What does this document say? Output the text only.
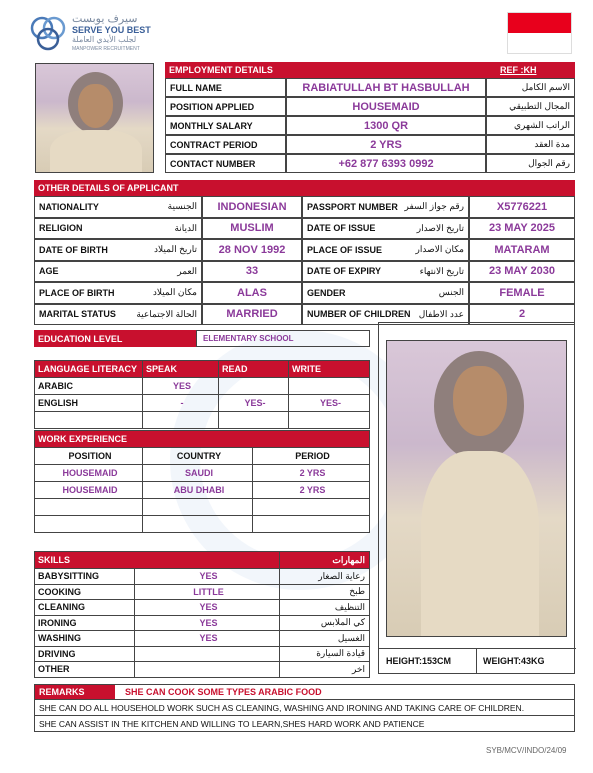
سيرف يوبست
SERVE YOU BEST
لجلب الأيدي العاملة
MANPOWER RECRUITMENT
EMPLOYMENT DETAILS	REF :KH
FULL NAME	RABIATULLAH BT HASBULLAH	الاسم الكامل
POSITION APPLIED	HOUSEMAID	المجال التطبيقي
MONTHLY SALARY	1300 QR	الراتب الشهري
CONTRACT PERIOD	2 YRS	مدة العقد
CONTACT NUMBER	+62 877 6393 0992	رقم الجوال
OTHER DETAILS OF APPLICANT
NATIONALITY	الجنسية	INDONESIAN	PASSPORT NUMBER رقم جواز السفر	X5776221
RELIGION	الديانة	MUSLIM	DATE OF ISSUE	تاريخ الاصدار	23 MAY 2025
DATE OF BIRTH	تاريخ الميلاد	28 NOV 1992	PLACE OF ISSUE	مكان الاصدار	MATARAM
AGE	العمر	33	DATE OF EXPIRY	تاريخ الانتهاء	23 MAY 2030
PLACE OF BIRTH	مكان الميلاد	ALAS	GENDER	الجنس	FEMALE
MARITAL STATUS الحالة الاجتماعية	MARRIED	NUMBER OF CHILDREN عدد الاطفال	2
EDUCATION LEVEL	ELEMENTARY SCHOOL
HEIGHT:153CM	WEIGHT:43KG
LANGUAGE LITERACY	SPEAK	READ	WRITE
ARABIC	YES		
ENGLISH	-	YES-	YES-

WORK EXPERIENCE		
POSITION	COUNTRY	PERIOD
HOUSEMAID	SAUDI	2 YRS
HOUSEMAID	ABU DHABI	2 YRS

SKILLS		المهارات
BABYSITTING	YES	رعاية الصغار
COOKING	LITTLE	طبخ
CLEANING	YES	التنظيف
IRONING	YES	كي الملابس
WASHING	YES	الغسيل
DRIVING		قيادة السيارة
OTHER		اخر
REMARKS	SHE CAN COOK SOME TYPES ARABIC FOOD
SHE CAN DO ALL HOUSEHOLD WORK SUCH AS CLEANING, WASHING AND IRONING AND TAKING CARE OF CHILDREN.
SHE CAN ASSIST IN THE KITCHEN AND WILLING TO LEARN,SHES HARD WORK AND PATIENCE
SYB/MCV/INDO/24/09
